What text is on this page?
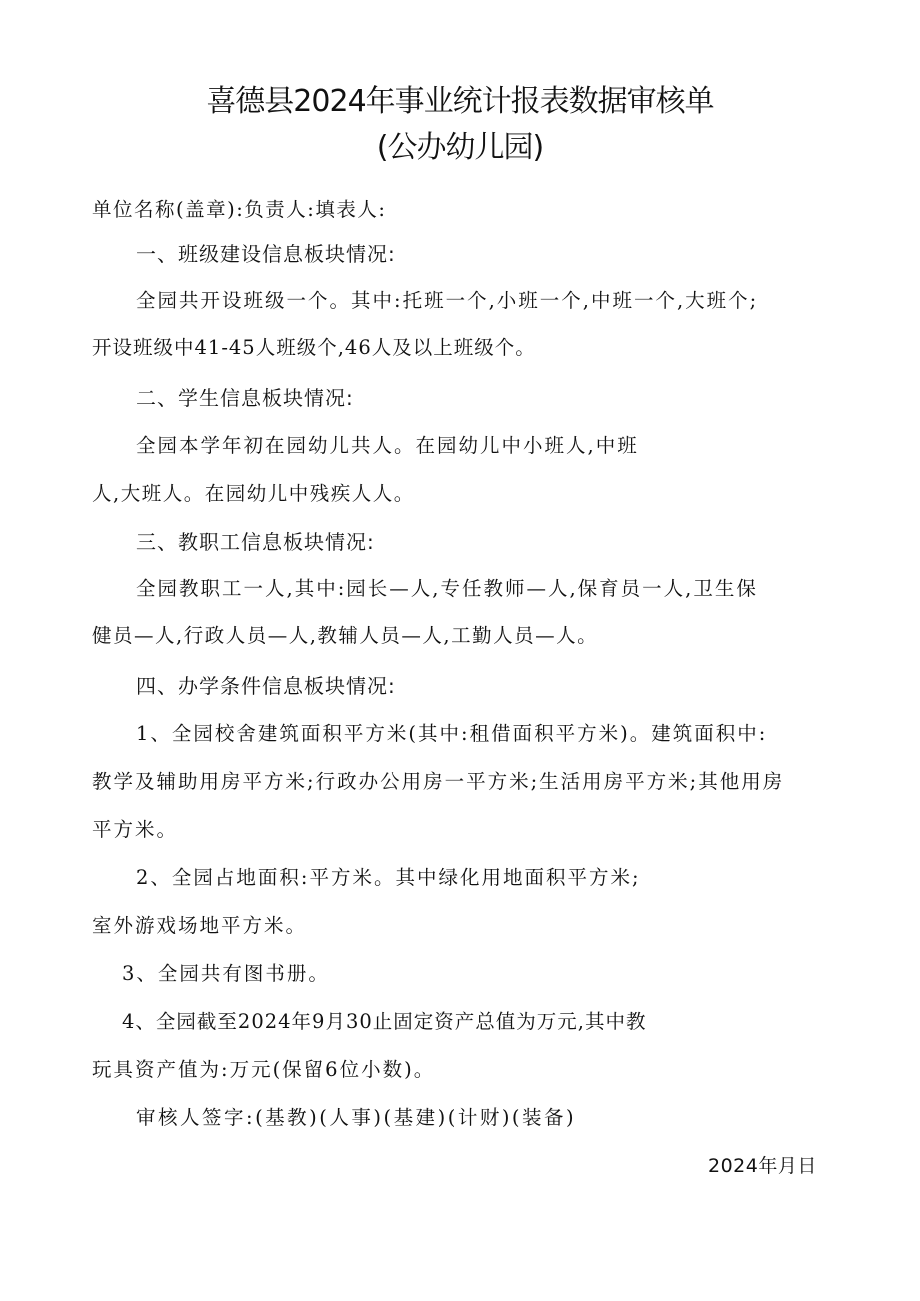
喜德县2024年事业统计报表数据审核单
(公办幼儿园)
单位名称(盖章):负责人:填表人:
一、班级建设信息板块情况:
全园共开设班级一个。其中:托班一个,小班一个,中班一个,大班个;
开设班级中41-45人班级个,46人及以上班级个。
二、学生信息板块情况:
全园本学年初在园幼儿共人。在园幼儿中小班人,中班
人,大班人。在园幼儿中残疾人人。
三、教职工信息板块情况:
全园教职工一人,其中:园长—人,专任教师—人,保育员一人,卫生保
健员—人,行政人员—人,教辅人员—人,工勤人员—人。
四、办学条件信息板块情况:
1、全园校舍建筑面积平方米(其中:租借面积平方米)。建筑面积中:
教学及辅助用房平方米;行政办公用房一平方米;生活用房平方米;其他用房
平方米。
2、全园占地面积:平方米。其中绿化用地面积平方米;
室外游戏场地平方米。
3、全园共有图书册。
4、全园截至2024年9月30止固定资产总值为万元,其中教
玩具资产值为:万元(保留6位小数)。
审核人签字:(基教)(人事)(基建)(计财)(装备)
2024年月日
